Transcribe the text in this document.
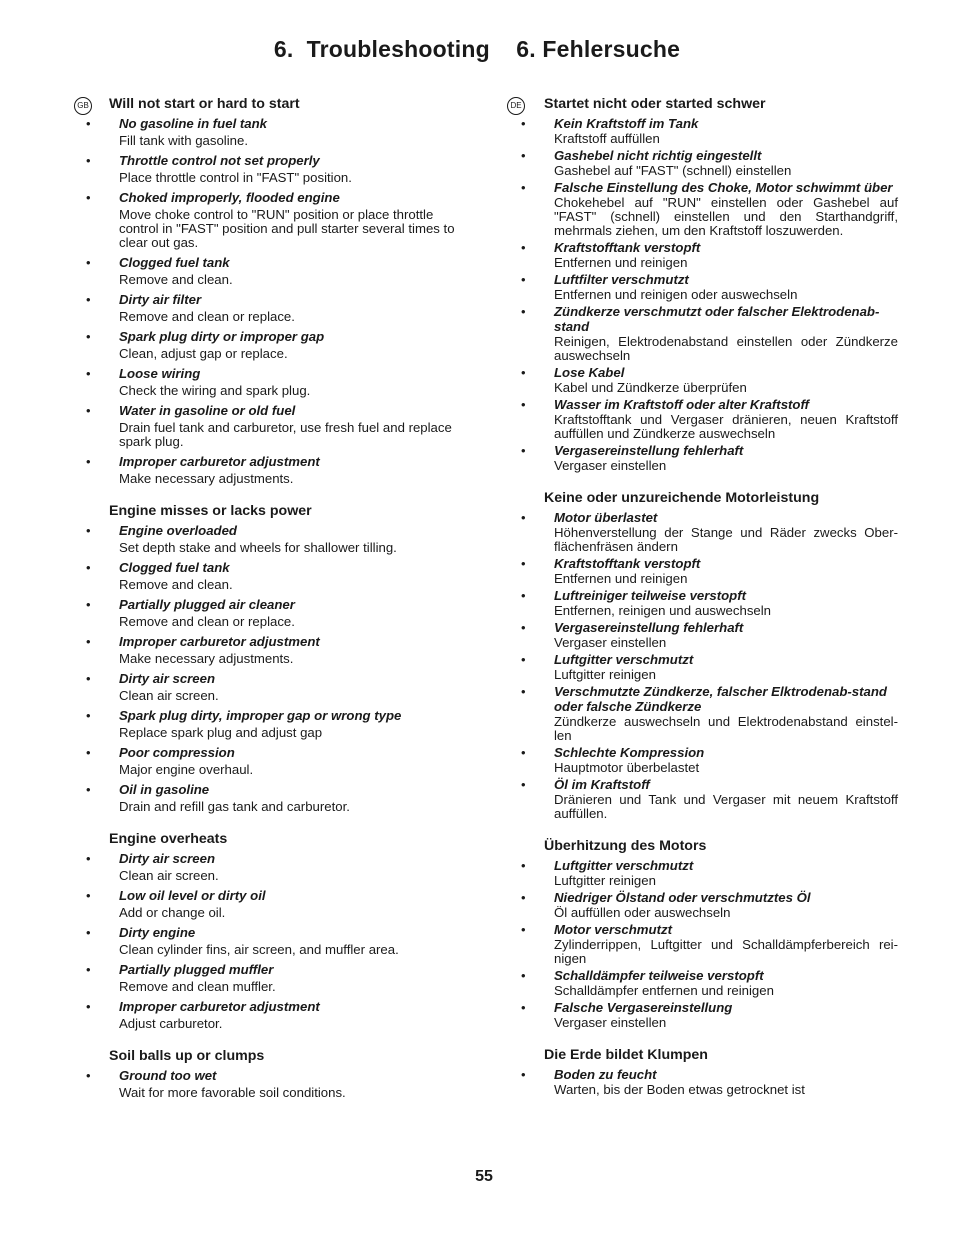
6.  Troubleshooting 6. Fehlersuche
GB	DE
Will not start or hard to start
• No gasoline in fuel tank
Fill tank with gasoline.
• Throttle control not set properly
Place throttle control in "FAST" position.
• Choked improperly, flooded engine
Move choke control to "RUN" position or place throttle control in "FAST" position and pull starter several times to clear out gas.
• Clogged fuel tank
Remove and clean.
• Dirty air filter
Remove and clean or replace.
• Spark plug dirty or improper gap
Clean, adjust gap or replace.
• Loose wiring
Check the wiring and spark plug.
• Water in gasoline or old fuel
Drain fuel tank and carburetor, use fresh fuel and replace spark plug.
• Improper carburetor adjustment
Make necessary adjustments.
Engine misses or lacks power
• Engine overloaded
Set depth stake and wheels for shallower tilling.
• Clogged fuel tank
Remove and clean.
• Partially plugged air cleaner
Remove and clean or replace.
• Improper carburetor adjustment
Make necessary adjustments.
• Dirty air screen
Clean air screen.
• Spark plug dirty, improper gap or wrong type
Replace spark plug and adjust gap
• Poor compression
Major engine overhaul.
• Oil in gasoline
Drain and refill gas tank and carburetor.
Engine overheats
• Dirty air screen
Clean air screen.
• Low oil level or dirty oil
Add or change oil.
• Dirty engine
Clean cylinder fins, air screen, and muffler area.
• Partially plugged muffler
Remove and clean muffler.
• Improper carburetor adjustment
Adjust carburetor.
Soil balls up or clumps
• Ground too wet
Wait for more favorable soil conditions.
Startet nicht oder started schwer
• Kein Kraftstoff im Tank
Kraftstoff auffüllen
• Gashebel nicht richtig eingestellt
Gashebel auf "FAST" (schnell) einstellen
• Falsche Einstellung des Choke, Motor schwimmt über
Chokehebel auf "RUN" einstellen oder Gashebel auf "FAST" (schnell) einstellen und den Starthandgriff, mehrmals ziehen, um den Kraftstoff loszuwerden.
• Kraftstofftank verstopft
Entfernen und reinigen
• Luftfilter verschmutzt
Entfernen und reinigen oder auswechseln
• Zündkerze verschmutzt oder falscher Elektrodenab-stand
Reinigen, Elektrodenabstand einstellen oder Zündkerze auswechseln
• Lose Kabel
Kabel und Zündkerze überprüfen
• Wasser im Kraftstoff oder alter Kraftstoff
Kraftstofftank und Vergaser dränieren, neuen Kraftstoff auffüllen und Zündkerze auswechseln
• Vergasereinstellung fehlerhaft
Vergaser einstellen
Keine oder unzureichende Motorleistung
• Motor überlastet
Höhenverstellung der Stange und Räder zwecks Ober-flächenfräsen ändern
• Kraftstofftank verstopft
Entfernen und reinigen
• Luftreiniger teilweise verstopft
Entfernen, reinigen und auswechseln
• Vergasereinstellung fehlerhaft
Vergaser einstellen
• Luftgitter verschmutzt
Luftgitter reinigen
• Verschmutzte Zündkerze, falscher Elktrodenab-stand oder falsche Zündkerze
Zündkerze auswechseln und Elektrodenabstand einstel-len
• Schlechte Kompression
Hauptmotor überbelastet
• Öl im Kraftstoff
Dränieren und Tank und Vergaser mit neuem Kraftstoff auffüllen.
Überhitzung des Motors
• Luftgitter verschmutzt
Luftgitter reinigen
• Niedriger Ölstand oder verschmutztes Öl
Öl auffüllen oder auswechseln
• Motor verschmutzt
Zylinderrippen, Luftgitter und Schalldämpferbereich rei-nigen
• Schalldämpfer teilweise verstopft
Schalldämpfer entfernen und reinigen
• Falsche Vergasereinstellung
Vergaser einstellen
Die Erde bildet Klumpen
• Boden zu feucht
Warten, bis der Boden etwas getrocknet ist
55
